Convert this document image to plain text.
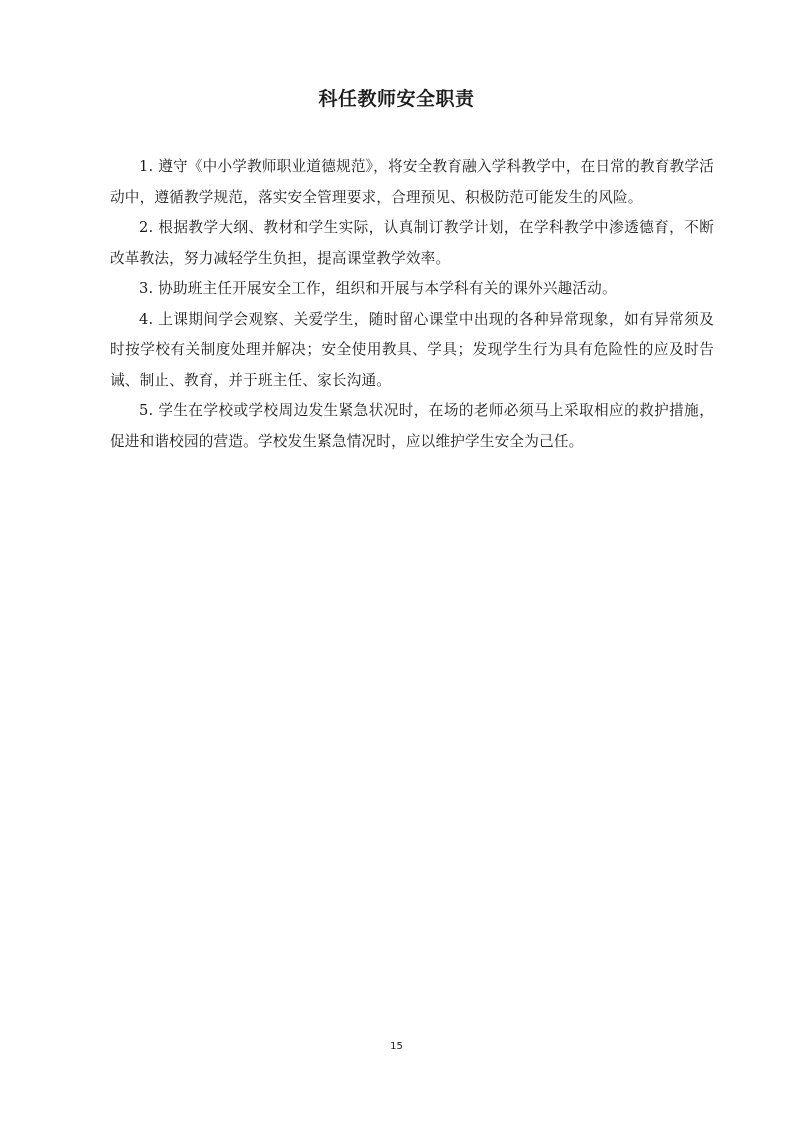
科任教师安全职责

1. 遵守《中小学教师职业道德规范》，将安全教育融入学科教学中，在日常的教育教学活动中，遵循教学规范，落实安全管理要求，合理预见、积极防范可能发生的风险。

2. 根据教学大纲、教材和学生实际，认真制订教学计划，在学科教学中渗透德育，不断改革教法，努力减轻学生负担，提高课堂教学效率。

3. 协助班主任开展安全工作，组织和开展与本学科有关的课外兴趣活动。

4. 上课期间学会观察、关爱学生，随时留心课堂中出现的各种异常现象，如有异常须及时按学校有关制度处理并解决；安全使用教具、学具；发现学生行为具有危险性的应及时告诫、制止、教育，并于班主任、家长沟通。

5. 学生在学校或学校周边发生紧急状况时，在场的老师必须马上采取相应的救护措施，促进和谐校园的营造。学校发生紧急情况时，应以维护学生安全为己任。

15
